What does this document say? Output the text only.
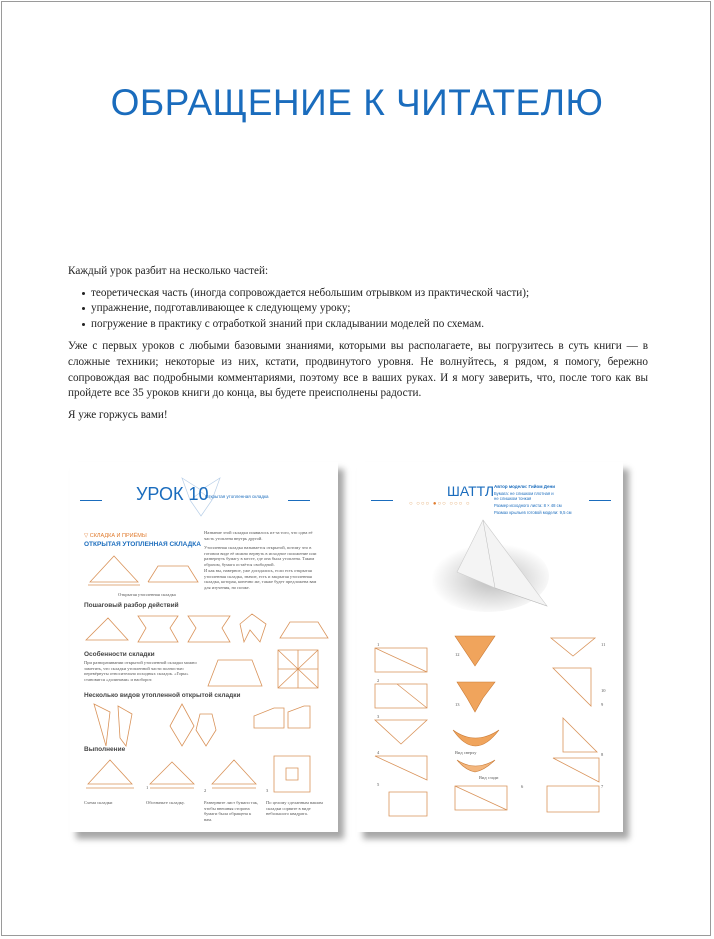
ОБРАЩЕНИЕ К ЧИТАТЕЛЮ

Каждый урок разбит на несколько частей:

теоретическая часть (иногда сопровождается небольшим отрывком из практической части);
упражнение, подготавливающее к следующему уроку;
погружение в практику с отработкой знаний при складывании моделей по схемам.

Уже с первых уроков с любыми базовыми знаниями, которыми вы располагаете, вы погрузитесь в суть книги — в сложные техники; некоторые из них, кстати, продвинутого уровня. Не волнуйтесь, я рядом, я помогу, бережно сопровождая вас подробными комментариями, поэтому все в ваших руках. И я могу заверить, что, после того как вы пройдете все 35 уроков книги до конца, вы будете преисполнены радости.

Я уже горжусь вами!

УРОК 10
Открытая утопленная складка
▽ СКЛАДКА И ПРИЁМЫ
ОТКРЫТАЯ УТОПЛЕННАЯ СКЛАДКА
Открытая утопленная складка
Название этой складки появилось из-за того, что одна её часть утоплена внутрь другой.
Утопленная складка называется открытой, потому что в готовом виде её можно вернуть в исходное положение или развернуть бумагу в месте, где она была утоплена. Таким образом, бумага остаётся свободной.
И как вы, наверное, уже догадались, если есть открытая утопленная складка, значит, есть и закрытая утопленная складка, которая, конечно же, также будет предложена вам для изучения, но позже.
Пошаговый разбор действий
Особенности складки
При разворачивании открытой утопленной складки можно заметить, что складки утопленной части полностью перевёрнуты относительно исходных складок. «Горы» становятся «долинами» и наоборот.
Несколько видов утопленной открытой складки
Выполнение
Схема складки
1
Обозначьте складку.
2
Разверните лист бумаги так, чтобы внешняя сторона бумаги была обращена к вам.
3
По целому сделанным вашим складки сорвите в виде небольшого квадрата.
ШАТТЛ
○ ○○○ ●○○ ○○○ ○
Автор модели: Гийом Дени
Бумага: не слишком плотная и не слишком тонкая
Размер исходного листа: 8 × 48 см
Размах крыльев готовой модели: 9,5 см
Вид сверху
Вид сзади
1
2
3
4
5
12
13
6
11
10
9
8
7
